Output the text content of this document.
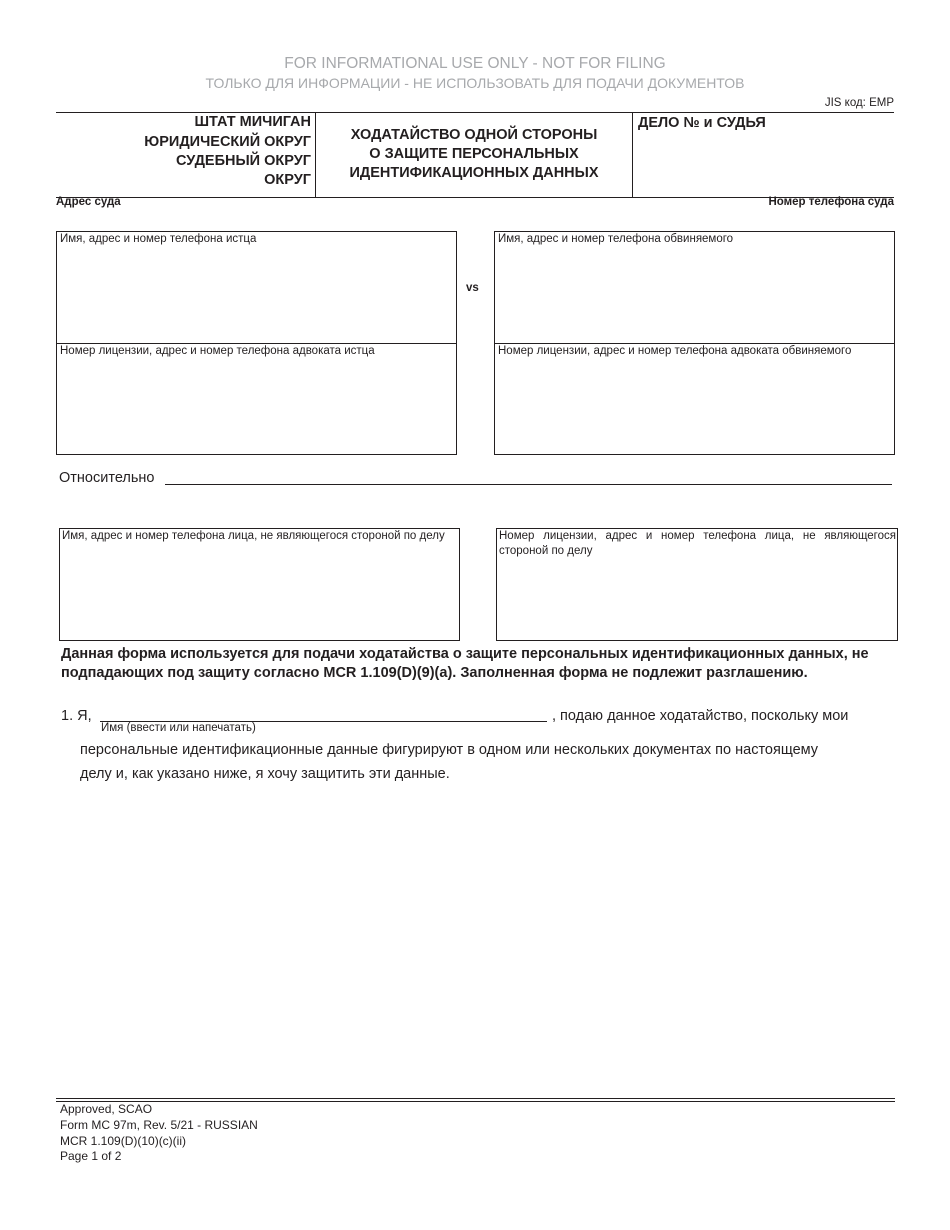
FOR INFORMATIONAL USE ONLY - NOT FOR FILING
ТОЛЬКО ДЛЯ ИНФОРМАЦИИ - НЕ ИСПОЛЬЗОВАТЬ ДЛЯ ПОДАЧИ ДОКУМЕНТОВ
JIS код: EMP
ШТАТ МИЧИГАН
ЮРИДИЧЕСКИЙ ОКРУГ
СУДЕБНЫЙ ОКРУГ
ОКРУГ
ХОДАТАЙСТВО ОДНОЙ СТОРОНЫ
О ЗАЩИТЕ ПЕРСОНАЛЬНЫХ
ИДЕНТИФИКАЦИОННЫХ ДАННЫХ
ДЕЛО № и СУДЬЯ
Адрес суда	Номер телефона суда
Имя, адрес и номер телефона истца
Номер лицензии, адрес и номер телефона адвоката истца
vs
Имя, адрес и номер телефона обвиняемого
Номер лицензии, адрес и номер телефона адвоката обвиняемого
Относительно
Имя, адрес и номер телефона лица, не являющегося стороной по делу	Номер лицензии, адрес и номер телефона лица, не являющегося стороной по делу
Данная форма используется для подачи ходатайства о защите персональных идентификационных данных, не подпадающих под защиту согласно MCR 1.109(D)(9)(a). Заполненная форма не подлежит разглашению.
1. Я,
Имя (ввести или напечатать)
, подаю данное ходатайство, поскольку мои
персональные идентификационные данные фигурируют в одном или нескольких документах по настоящему
делу и, как указано ниже, я хочу защитить эти данные.
Approved, SCAO
Form MC 97m, Rev. 5/21 - RUSSIAN
MCR 1.109(D)(10)(c)(ii)
Page 1 of 2
